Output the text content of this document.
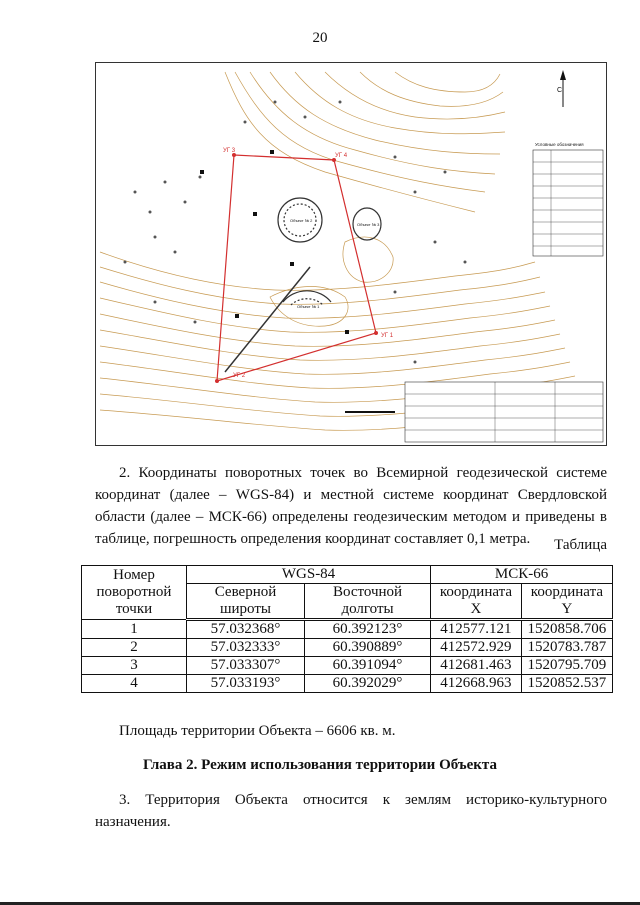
20
УГ 1
УГ 2
УГ 3
УГ 4
Объект № 2
Объект № 1
Объект № 3
С
Условные обозначения

2. Координаты поворотных точек во Всемирной геодезической системе координат (далее – WGS-84) и местной системе координат Свердловской области (далее – МСК-66) определены геодезическим методом и приведены в таблице, погрешность определения координат составляет 0,1 метра.	Таблица
Номер поворотной точки	WGS-84		МСК-66	
	Северной широты	Восточной долготы	координата X	координата Y
1	57.032368°	60.392123°	412577.121	1520858.706
2	57.032333°	60.390889°	412572.929	1520783.787
3	57.033307°	60.391094°	412681.463	1520795.709
4	57.033193°	60.392029°	412668.963	1520852.537
Площадь территории Объекта – 6606 кв. м.
Глава 2. Режим использования территории Объекта

3. Территория Объекта относится к землям историко-культурного назначения.
